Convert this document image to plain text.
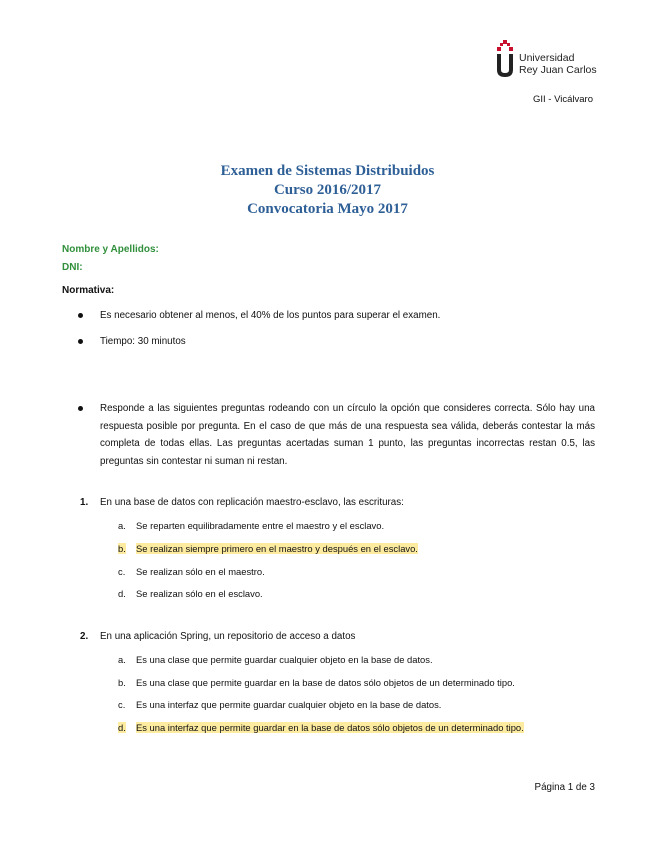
Universidad
Rey Juan Carlos
GII - Vicálvaro
Examen de Sistemas Distribuidos
Curso 2016/2017
Convocatoria Mayo 2017
Nombre y Apellidos:
DNI:
Normativa:
Es necesario obtener al menos, el 40% de los puntos para superar el examen.
Tiempo: 30 minutos
Responde a las siguientes preguntas rodeando con un círculo la opción que consideres correcta. Sólo hay una respuesta posible por pregunta. En el caso de que más de una respuesta sea válida, deberás contestar la más completa de todas ellas. Las preguntas acertadas suman 1 punto, las preguntas incorrectas restan 0.5, las preguntas sin contestar ni suman ni restan.
1. En una base de datos con replicación maestro-esclavo, las escrituras:
a. Se reparten equilibradamente entre el maestro y el esclavo.
b. Se realizan siempre primero en el maestro y después en el esclavo.
c. Se realizan sólo en el maestro.
d. Se realizan sólo en el esclavo.
2. En una aplicación Spring, un repositorio de acceso a datos
a. Es una clase que permite guardar cualquier objeto en la base de datos.
b. Es una clase que permite guardar en la base de datos sólo objetos de un determinado tipo.
c. Es una interfaz que permite guardar cualquier objeto en la base de datos.
d. Es una interfaz que permite guardar en la base de datos sólo objetos de un determinado tipo.
Página 1 de 3
